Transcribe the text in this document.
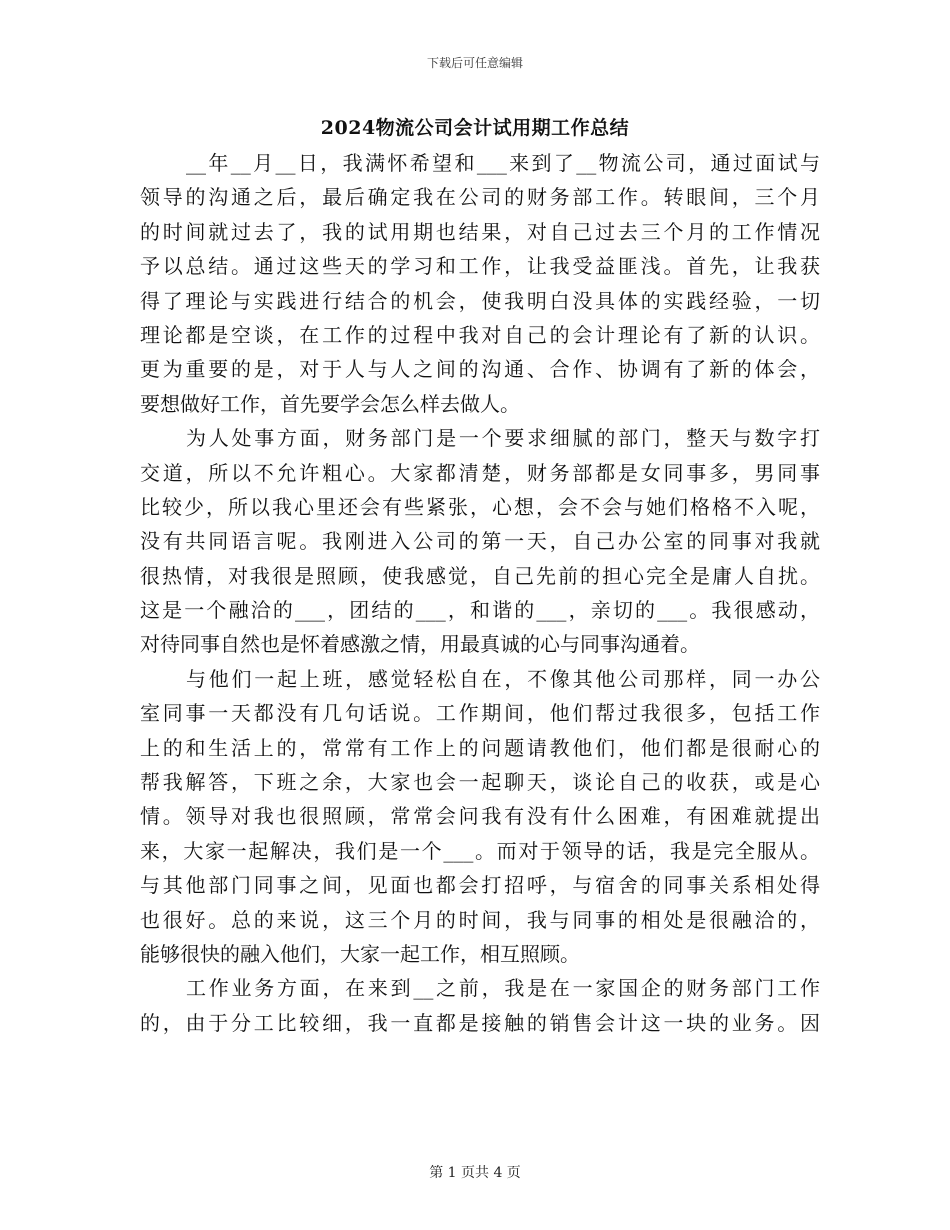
下载后可任意编辑
2024物流公司会计试用期工作总结
__年__月__日，我满怀希望和___来到了__物流公司，通过面试与
领导的沟通之后，最后确定我在公司的财务部工作。转眼间，三个月
的时间就过去了，我的试用期也结果，对自己过去三个月的工作情况
予以总结。通过这些天的学习和工作，让我受益匪浅。首先，让我获
得了理论与实践进行结合的机会，使我明白没具体的实践经验，一切
理论都是空谈，在工作的过程中我对自己的会计理论有了新的认识。
更为重要的是，对于人与人之间的沟通、合作、协调有了新的体会，
要想做好工作，首先要学会怎么样去做人。
为人处事方面，财务部门是一个要求细腻的部门，整天与数字打
交道，所以不允许粗心。大家都清楚，财务部都是女同事多，男同事
比较少，所以我心里还会有些紧张，心想，会不会与她们格格不入呢，
没有共同语言呢。我刚进入公司的第一天，自己办公室的同事对我就
很热情，对我很是照顾，使我感觉，自己先前的担心完全是庸人自扰。
这是一个融洽的___，团结的___，和谐的___，亲切的___。我很感动，
对待同事自然也是怀着感激之情，用最真诚的心与同事沟通着。
与他们一起上班，感觉轻松自在，不像其他公司那样，同一办公
室同事一天都没有几句话说。工作期间，他们帮过我很多，包括工作
上的和生活上的，常常有工作上的问题请教他们，他们都是很耐心的
帮我解答，下班之余，大家也会一起聊天，谈论自己的收获，或是心
情。领导对我也很照顾，常常会问我有没有什么困难，有困难就提出
来，大家一起解决，我们是一个___。而对于领导的话，我是完全服从。
与其他部门同事之间，见面也都会打招呼，与宿舍的同事关系相处得
也很好。总的来说，这三个月的时间，我与同事的相处是很融洽的，
能够很快的融入他们，大家一起工作，相互照顾。
工作业务方面，在来到__之前，我是在一家国企的财务部门工作
的，由于分工比较细，我一直都是接触的销售会计这一块的业务。因
第 1 页共 4 页
